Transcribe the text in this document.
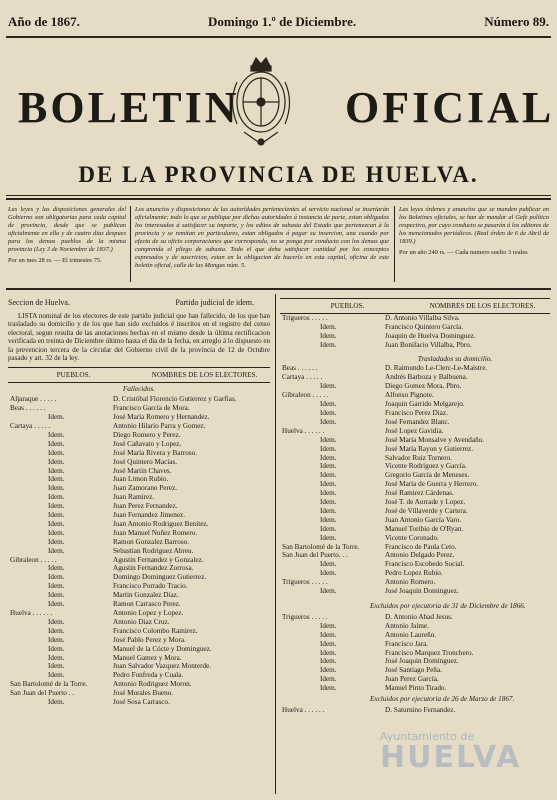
Año de 1867.	Domingo 1.º de Diciembre.	Número 89.
BOLETIN OFICIAL
DE LA PROVINCIA DE HUELVA.
Las leyes y las disposiciones generales del Gobierno son obligatorias para cada capital de provincia, desde que se publican oficialmente en ella y de cuatro dias despues para los demas pueblos de la misma provincia (Ley 3 de Noviembre de 1837.)
Por un mes 28 rs. — El trimestre 75.
Los anuncios y disposiciones de las autoridades pertenecientes al servicio nacional se insertarán oficialmente; todo lo que se publique por dichas autoridades á instancia de parte, estan obligados los interesados á satisfacer su importe, y los editos de subasta del Estado que pertenezcan á la provincia y se remitan en particulares, estan obligados á pagar su insercion, una cuando por efecto de su oficio corporaciones que corresponda, no se ponga por conducto con los demas que comprenda el pliego de subasta. Todo el que deba satisfacer cantidad por los conceptos espresados y de suscricion, estan en la obligacion de hacerlo en esta capital, oficina de este boletín oficial, calle de las Mongas núm. 5.
Las leyes órdenes y anuncios que se manden publicar en los Boletines oficiales, se han de mandar al Gefe político respectivo, por cuyo conducto se pasarán á los editores de los mencionados periódicos. (Real órden de 6 de Abril de 1839.)
Por un año 240 rs. — Cada numero suelto 3 reales
Seccion de Huelva.	Partido judicial de idem.
LISTA nominal de los electores de este partido judicial que han fallecido, de los que han trasladado su domicilio y de los que han sido excluidos é inscritos en el registro del censo electoral, segun resulta de las anotaciones hechas en el mismo desde la última rectificacion verificada en treinta de Diciembre último hasta el dia de la fecha, en arreglo á lo dispuesto en la prevencion tercera de la circular del Gobierno civil de la provincia de 12 de Octubre pasado y art. 32 de la ley.
PUEBLOS.	NOMBRES DE LOS ELECTORES.
Fallecidos.
Aljaraque . . . . .	D. Cristóbal Florencio Gutierrez y Garfias.
Beas . . . . . .	Francisco García de Mora.
Idem.	José María Romero y Hernandez.
Cartaya . . . . .	Antonio Hilario Parra y Gomez.
Idem.	Diego Romero y Perez.
Idem.	José Cañavato y Lopez.
Idem.	José María Rivera y Barroso.
Idem.	José Quintero Macías.
Idem.	José Martin Chaves.
Idem.	Juan Limon Rubio.
Idem.	Juan Zamorano Perez.
Idem.	Juan Ramirez.
Idem.	Juan Perez Fernandez.
Idem.	Juan Fernandez Jimenez.
Idem.	Juan Antonio Rodriguez Benitez.
Idem.	Juan Manuel Nuñez Romero.
Idem.	Ramon Gonzalez Barroso.
Idem.	Sebastian Rodriguez Abreu.
Gibraleon . . . . .	Agustin Fernandez y Gonzalez.
Idem.	Agustin Fernandez Zorrosa.
Idem.	Domingo Dominguez Gutierrez.
Idem.	Francisco Porrado Tracio.
Idem.	Martin Gonzalez Diaz.
Idem.	Ramon Carrasco Perez.
Huelva . . . . . .	Antonio Lopez y Lopez.
Idem.	Antonio Diaz Cruz.
Idem.	Francisco Colombo Ramirez.
Idem.	José Pablo Perez y Mora.
Idem.	Manuel de la Cócte y Dominguez.
Idem.	Manuel Gamez y Mora.
Idem.	Juan Salvador Vazquez Monterde.
Idem.	Pedro Fonfreda y Cuala.
San Bartolomé de la Torre.	Antonio Rodriguez Moron.
San Juan del Puerto . .	José Morales Bueno.
Idem.	José Sosa Carrasco.
PUEBLOS.	NOMBRES DE LOS ELECTORES.
Trigueros . . . . .	D. Antonio Villalba Silva.
Idem.	Francisco Quintero García.
Idem.	Joaquin de Huelva Dominguez.
Idem.	Juan Bonifacio Villalba, Pbro.
Trasladados su domicilio.
Beas . . . . . .	D. Raimundo Le-Clerc-Le-Maistre.
Cartaya . . . . .	Andrés Barboza y Balbuena.
Idem.	Diego Gomez Mora, Pbro.
Gibraleon . . . . .	Alfonso Pignote.
Idem.	Joaquin Garrido Melgarejo.
Idem.	Francisco Perez Diaz.
Idem.	José Fernandez Blanc.
Huelva . . . . . .	José Lopez Gavidia.
Idem.	José María Monsalve y Avendaño.
Idem.	José María Rayon y Gutierrez.
Idem.	Salvador Ruiz Tornero.
Idem.	Vicente Rodriguez y García.
Idem.	Gregorio García de Meneses.
Idem.	José María de Guerra y Herrero.
Idem.	José Ramirez Cárdenas.
Idem.	José T. de Aurrade y Lopez.
Idem.	José de Villaverde y Cartera.
Idem.	Juan Antonio García Varo.
Idem.	Manuel Toribio de O'Ryan.
Idem.	Vicente Coronado.
San Bartolomé de la Torre.	Francisco de Paula Ceto.
San Juan del Puerto. . .	Antonio Delgado Perez.
Idem.	Francisco Escobedo Social.
Idem.	Pedro Lopez Rubio.
Trigueros . . . . .	Antonio Romero.
Idem.	José Joaquin Dominguez.
Excluidos por ejecutoria de 31 de Diciembre de 1866.
Trigueros . . . . .	D. Antonio Abad Jesus.
Idem.	Antonio Jaime.
Idem.	Antonio Laureño.
Idem.	Francisco Jara.
Idem.	Francisco Marquez Tronchero.
Idem.	José Joaquin Dominguez.
Idem.	José Santiago Peña.
Idem.	Juan Perez García.
Idem.	Manuel Pinto Tirado.
Excluidos por ejecutoria de 26 de Marzo de 1867.
Huelva . . . . . .	D. Saturnino Fernandez.
Ayuntamiento de
HUELVA
